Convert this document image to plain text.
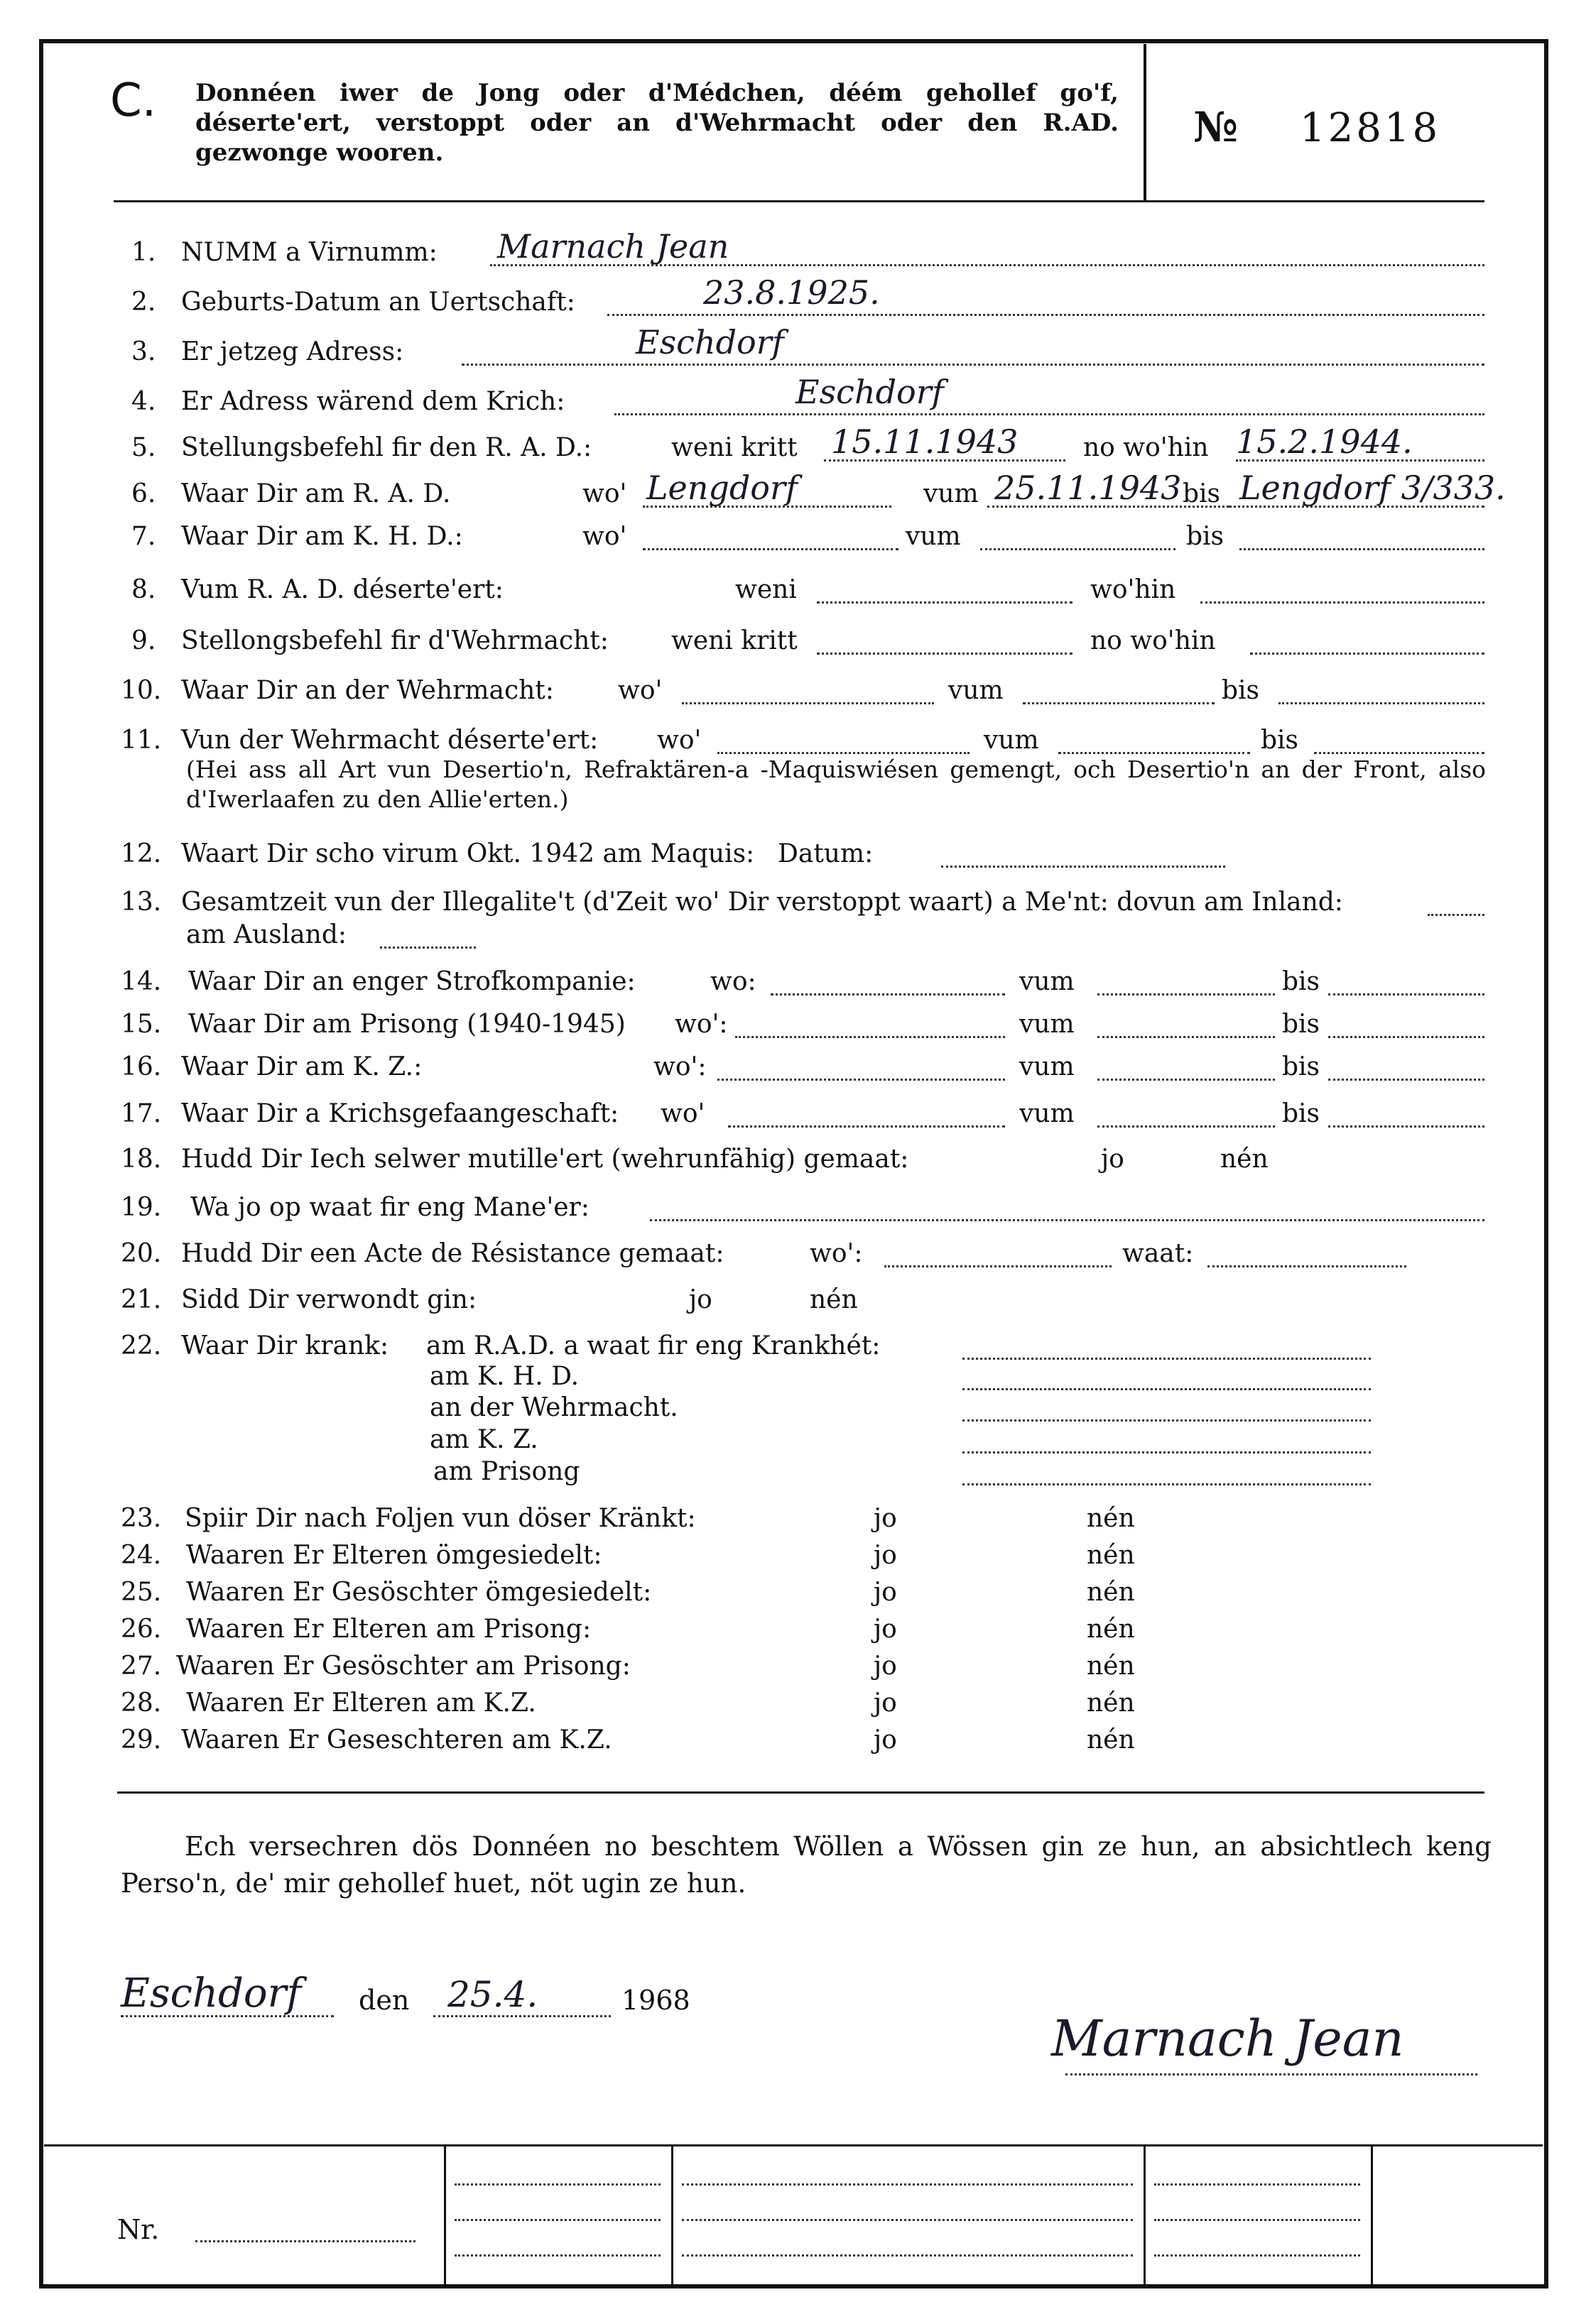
C. Donnéen iwer de Jong oder d'Médchen, déém gehollef go'f, déserte'ert, verstoppt oder an d'Wehrmacht oder den R.AD. gezwonge wooren.
№ 12818
1. NUMM a Virnumm: Marnach Jean
2. Geburts-Datum an Uertschaft:	23.8.1925.
3. Er jetzeg Adress:	Eschdorf
4. Er Adress wärend dem Krich:	Eschdorf
5. Stellungsbefehl fir den R. A. D.:	weni kritt 15.11.1943	no wo'hin 15.2.1944.
6. Waar Dir am R. A. D.	wo' Lengdorf	vum 25.11.1943 bis Lengdorf 3/333.
7. Waar Dir am K. H. D.:	wo'	vum	bis
8. Vum R. A. D. déserte'ert:	weni	wo'hin
9. Stellongsbefehl fir d'Wehrmacht: weni kritt	no wo'hin
10. Waar Dir an der Wehrmacht:	wo'	vum	bis
11. Vun der Wehrmacht déserte'ert: wo'	vum	bis
(Hei ass all Art vun Desertio'n, Refraktären-a -Maquiswiésen gemengt, och Desertio'n an der Front, also d'Iwerlaafen zu den Allie'erten.)
12. Waart Dir scho virum Okt. 1942 am Maquis: Datum:
13. Gesamtzeit vun der Illegalite't (d'Zeit wo' Dir verstoppt waart) a Me'nt: dovun am Inland:
am Ausland:
14. Waar Dir an enger Strofkompanie:	wo:	vum	bis
15. Waar Dir am Prisong (1940-1945) wo':	vum	bis
16. Waar Dir am K. Z.:	wo':	vum	bis
17. Waar Dir a Krichsgefaangeschaft: wo'	vum	bis
18. Hudd Dir Iech selwer mutille'ert (wehrunfähig) gemaat:	jo	nén
19. Wa jo op waat fir eng Mane'er:
20. Hudd Dir een Acte de Résistance gemaat:	wo':	waat:
21. Sidd Dir verwondt gin:	jo	nén
22. Waar Dir krank: am R.A.D. a waat fir eng Krankhét:
am K. H. D.
an der Wehrmacht.
am K. Z.
am Prisong
23. Spiir Dir nach Foljen vun döser Kränkt:	jo	nén
24. Waaren Er Elteren ömgesiedelt:	jo	nén
25. Waaren Er Gesöschter ömgesiedelt:	jo	nén
26. Waaren Er Elteren am Prisong:	jo	nén
27. Waaren Er Gesöschter am Prisong:	jo	nén
28. Waaren Er Elteren am K.Z.	jo	nén
29. Waaren Er Geseschteren am K.Z.	jo	nén
Ech versechren dös Donnéen no beschtem Wöllen a Wössen gin ze hun, an absichtlech keng Perso'n, de' mir gehollef huet, nöt ugin ze hun.
Eschdorf den 25.4.	1968
Marnach Jean
Nr.
